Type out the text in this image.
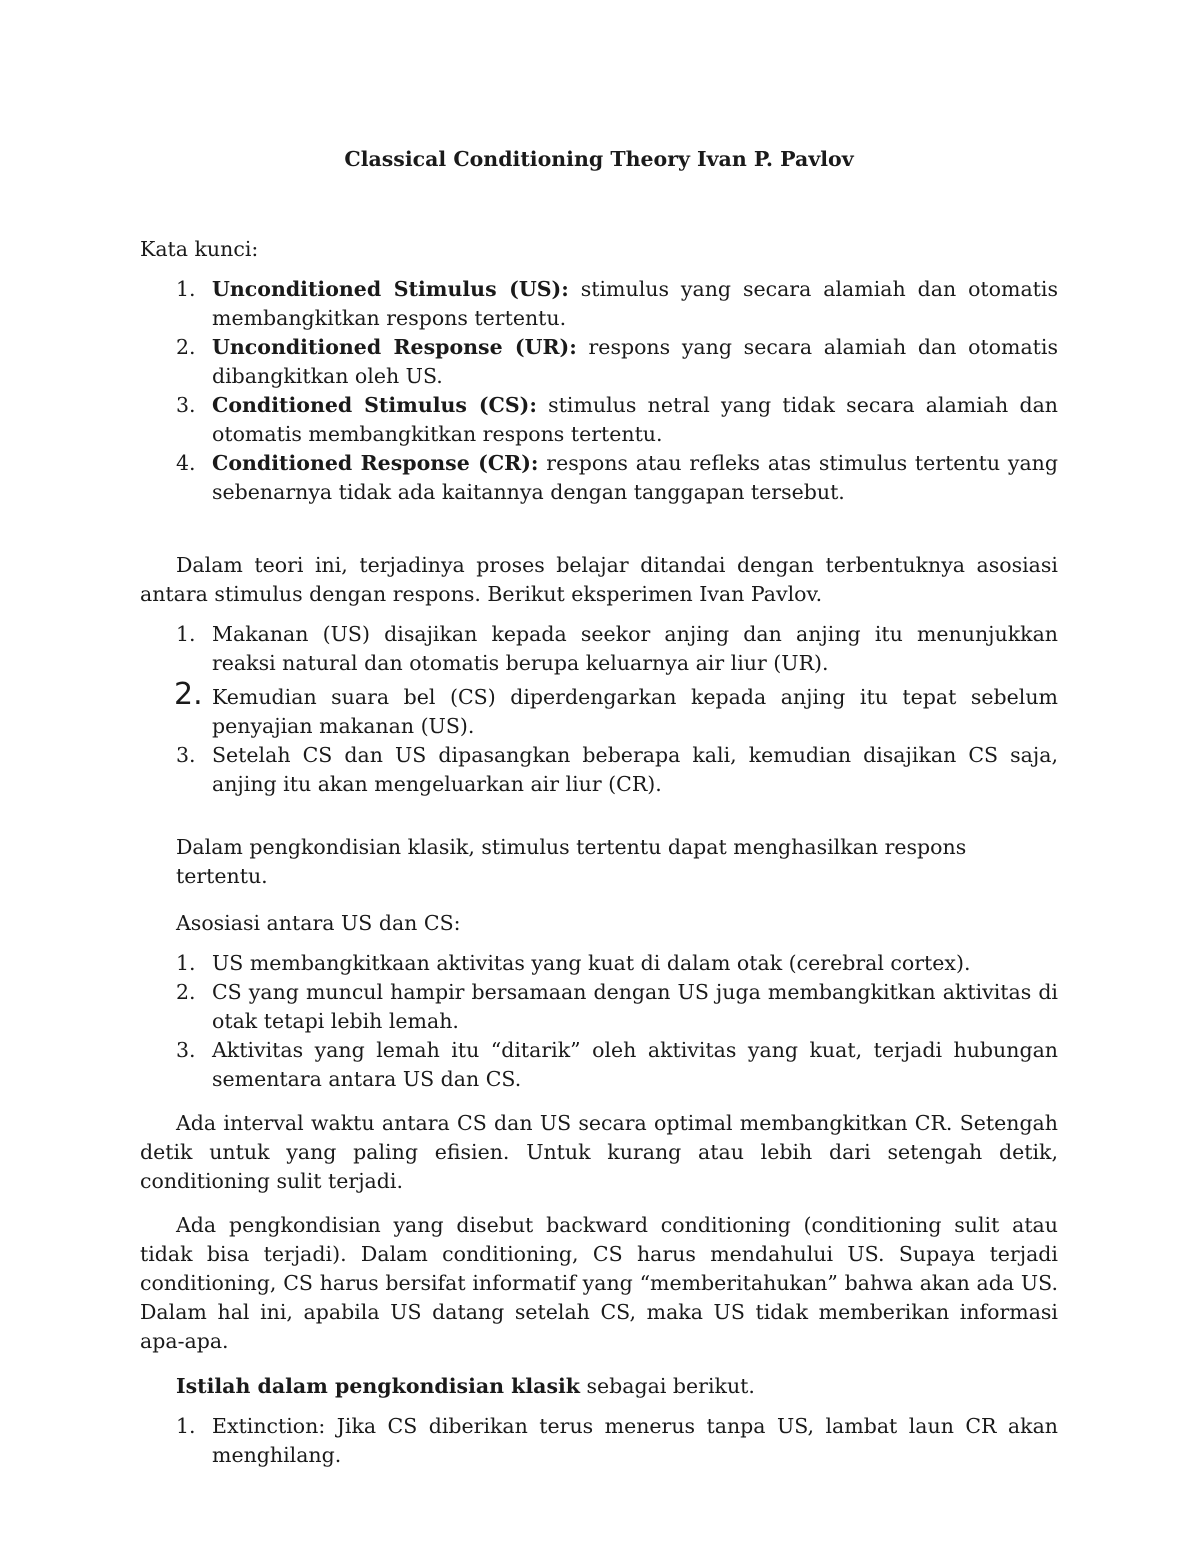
Classical Conditioning Theory Ivan P. Pavlov

Kata kunci:

1. Unconditioned Stimulus (US): stimulus yang secara alamiah dan otomatis membangkitkan respons tertentu.
2. Unconditioned Response (UR): respons yang secara alamiah dan otomatis dibangkitkan oleh US.
3. Conditioned Stimulus (CS): stimulus netral yang tidak secara alamiah dan otomatis membangkitkan respons tertentu.
4. Conditioned Response (CR): respons atau refleks atas stimulus tertentu yang sebenarnya tidak ada kaitannya dengan tanggapan tersebut.

Dalam teori ini, terjadinya proses belajar ditandai dengan terbentuknya asosiasi antara stimulus dengan respons. Berikut eksperimen Ivan Pavlov.

1. Makanan (US) disajikan kepada seekor anjing dan anjing itu menunjukkan reaksi natural dan otomatis berupa keluarnya air liur (UR).
2. Kemudian suara bel (CS) diperdengarkan kepada anjing itu tepat sebelum penyajian makanan (US).
3. Setelah CS dan US dipasangkan beberapa kali, kemudian disajikan CS saja, anjing itu akan mengeluarkan air liur (CR).

Dalam pengkondisian klasik, stimulus tertentu dapat menghasilkan respons tertentu.

Asosiasi antara US dan CS:

1. US membangkitkaan aktivitas yang kuat di dalam otak (cerebral cortex).
2. CS yang muncul hampir bersamaan dengan US juga membangkitkan aktivitas di otak tetapi lebih lemah.
3. Aktivitas yang lemah itu “ditarik” oleh aktivitas yang kuat, terjadi hubungan sementara antara US dan CS.

Ada interval waktu antara CS dan US secara optimal membangkitkan CR. Setengah detik untuk yang paling efisien. Untuk kurang atau lebih dari setengah detik, conditioning sulit terjadi.

Ada pengkondisian yang disebut backward conditioning (conditioning sulit atau tidak bisa terjadi). Dalam conditioning, CS harus mendahului US. Supaya terjadi conditioning, CS harus bersifat informatif yang “memberitahukan” bahwa akan ada US. Dalam hal ini, apabila US datang setelah CS, maka US tidak memberikan informasi apa-apa.

Istilah dalam pengkondisian klasik sebagai berikut.

1. Extinction: Jika CS diberikan terus menerus tanpa US, lambat laun CR akan menghilang.
